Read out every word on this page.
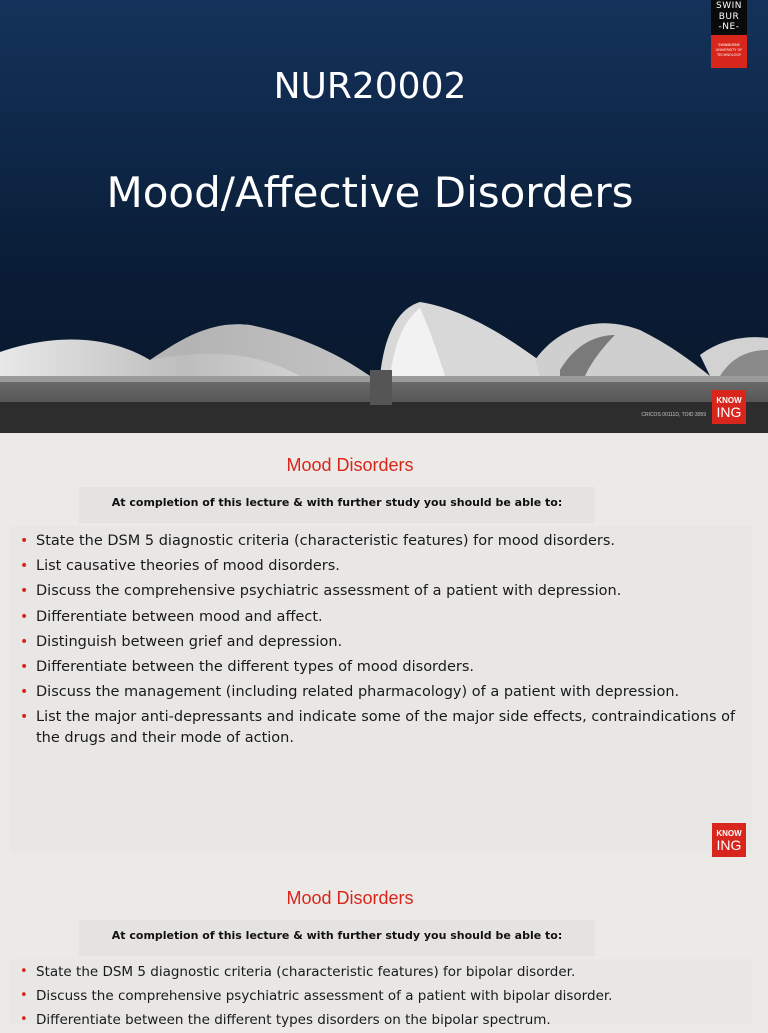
NUR20002
Mood/Affective Disorders
SWIN
BUR
-NE-
SWINBURNE UNIVERSITY OF TECHNOLOGY
KNOW
ING
CRICOS 00111D, TOID 3059
Mood Disorders
At completion of this lecture & with further study you should be able to:
• State the DSM 5 diagnostic criteria (characteristic features) for mood disorders.
• List causative theories of mood disorders.
• Discuss the comprehensive psychiatric assessment of a patient with depression.
• Differentiate between mood and affect.
• Distinguish between grief and depression.
• Differentiate between the different types of mood disorders.
• Discuss the management (including related pharmacology) of a patient with depression.
• List the major anti-depressants and indicate some of the major side effects, contraindications of the drugs and their mode of action.
KNOW
ING
Mood Disorders
At completion of this lecture & with further study you should be able to:
• State the DSM 5 diagnostic criteria (characteristic features) for bipolar disorder.
• Discuss the comprehensive psychiatric assessment of a patient with bipolar disorder.
• Differentiate between the different types disorders on the bipolar spectrum.
